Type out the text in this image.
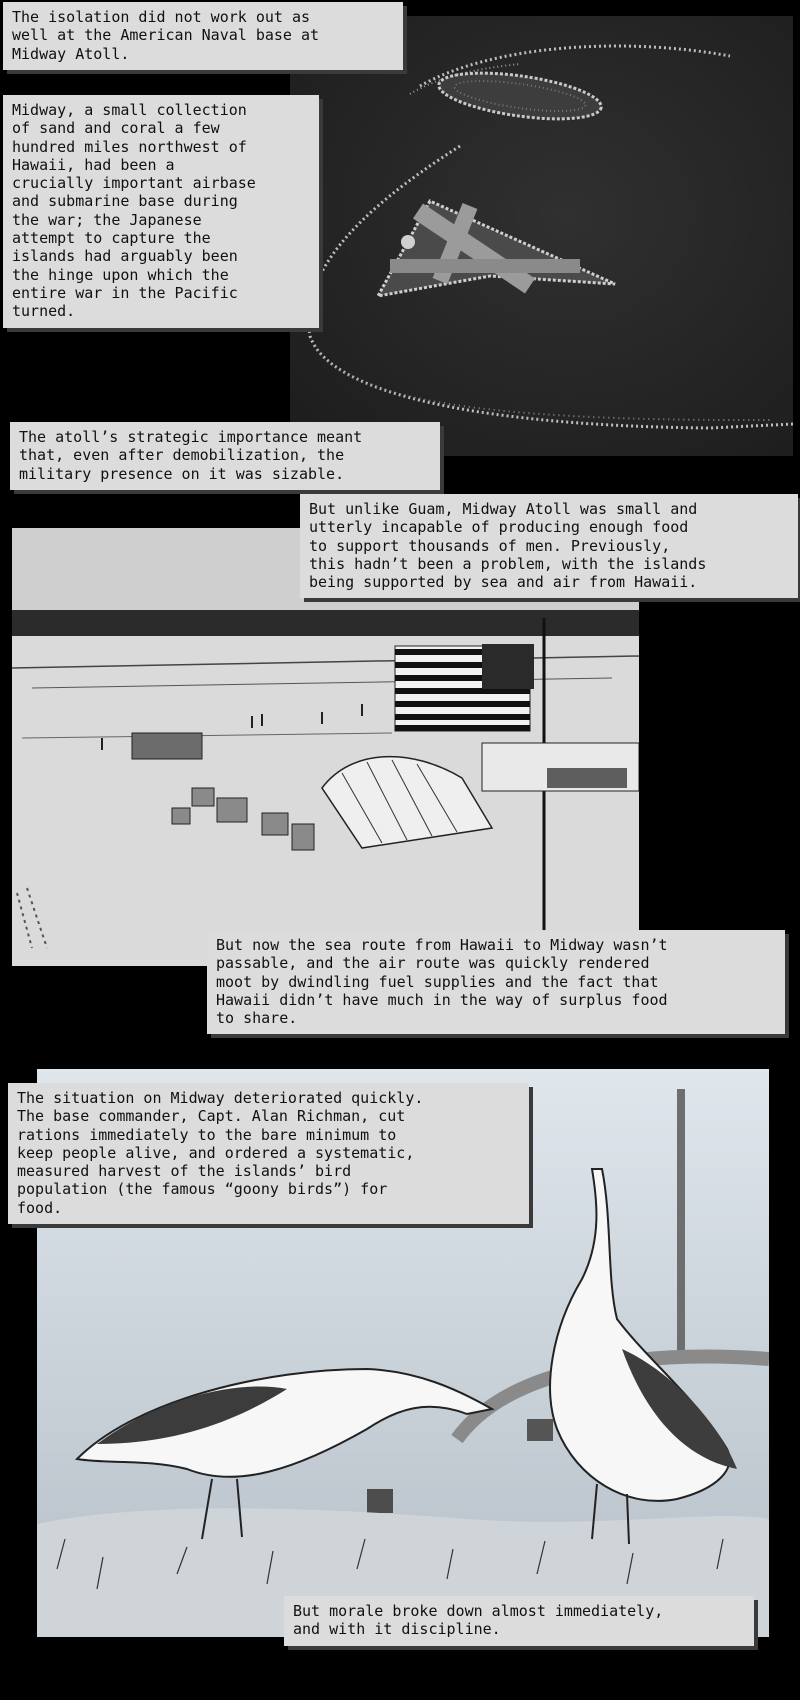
The isolation did not work out as
well at the American Naval base at
Midway Atoll.
Midway, a small collection
of sand and coral a few
hundred miles northwest of
Hawaii, had been a
crucially important airbase
and submarine base during
the war; the Japanese
attempt to capture the
islands had arguably been
the hinge upon which the
entire war in the Pacific
turned.
The atoll’s strategic importance meant
that, even after demobilization, the
military presence on it was sizable.
But unlike Guam, Midway Atoll was small and
utterly incapable of producing enough food
to support thousands of men. Previously,
this hadn’t been a problem, with the islands
being supported by sea and air from Hawaii.
But now the sea route from Hawaii to Midway wasn’t
passable, and the air route was quickly rendered
moot by dwindling fuel supplies and the fact that
Hawaii didn’t have much in the way of surplus food
to share.
The situation on Midway deteriorated quickly.
The base commander, Capt. Alan Richman, cut
rations immediately to the bare minimum to
keep people alive, and ordered a systematic,
measured harvest of the islands’ bird
population (the famous “goony birds”) for
food.
But morale broke down almost immediately,
and with it discipline.
